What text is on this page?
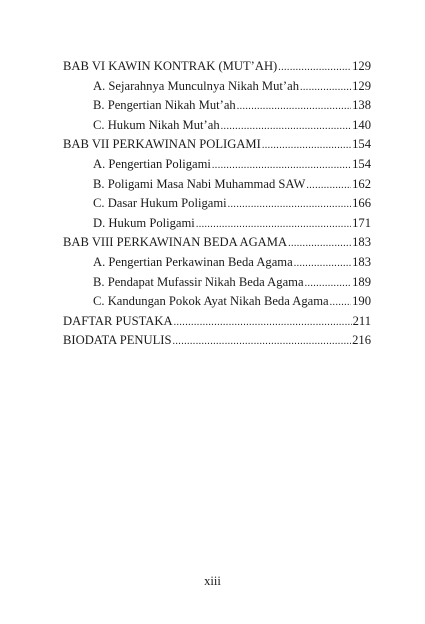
BAB VI KAWIN KONTRAK (MUT’AH) .....	129
A. Sejarahnya Munculnya Nikah Mut’ah .....	129
B. Pengertian Nikah Mut’ah .....	138
C. Hukum Nikah Mut’ah .....	140
BAB VII PERKAWINAN POLIGAMI .....	154
A. Pengertian Poligami .....	154
B. Poligami Masa Nabi Muhammad SAW .....	162
C. Dasar Hukum Poligami .....	166
D. Hukum Poligami .....	171
BAB VIII PERKAWINAN BEDA AGAMA .....	183
A. Pengertian Perkawinan Beda Agama .....	183
B. Pendapat Mufassir Nikah Beda Agama .....	189
C. Kandungan Pokok Ayat Nikah Beda Agama ..... 190
DAFTAR PUSTAKA .....	211
BIODATA PENULIS .....	216
xiii
